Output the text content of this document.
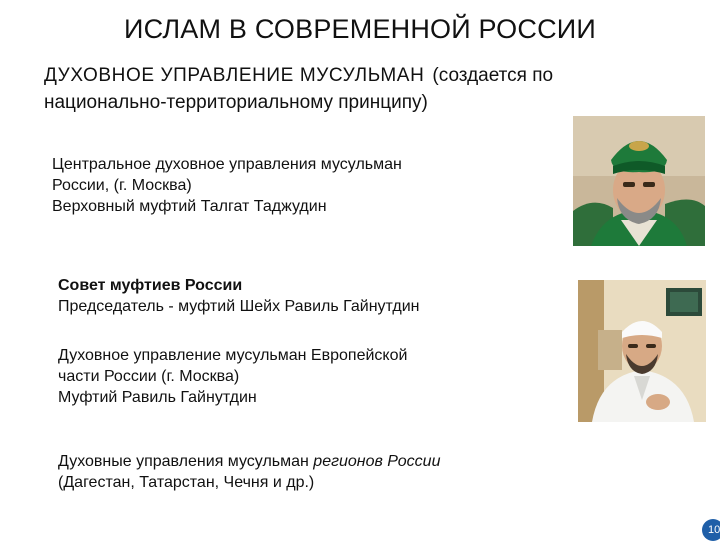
ИСЛАМ В СОВРЕМЕННОЙ РОССИИ
ДУХОВНОЕ УПРАВЛЕНИЕ МУСУЛЬМАН (создается по
национально-территориальному принципу)
Центральное духовное управления мусульман
России, (г. Москва)
Верховный муфтий Талгат Таджудин
Совет муфтиев России
Председатель - муфтий Шейх Равиль Гайнутдин
Духовное управление мусульман Европейской
части России (г. Москва)
Муфтий Равиль Гайнутдин
Духовные управления мусульман регионов России
(Дагестан, Татарстан, Чечня и др.)
10
